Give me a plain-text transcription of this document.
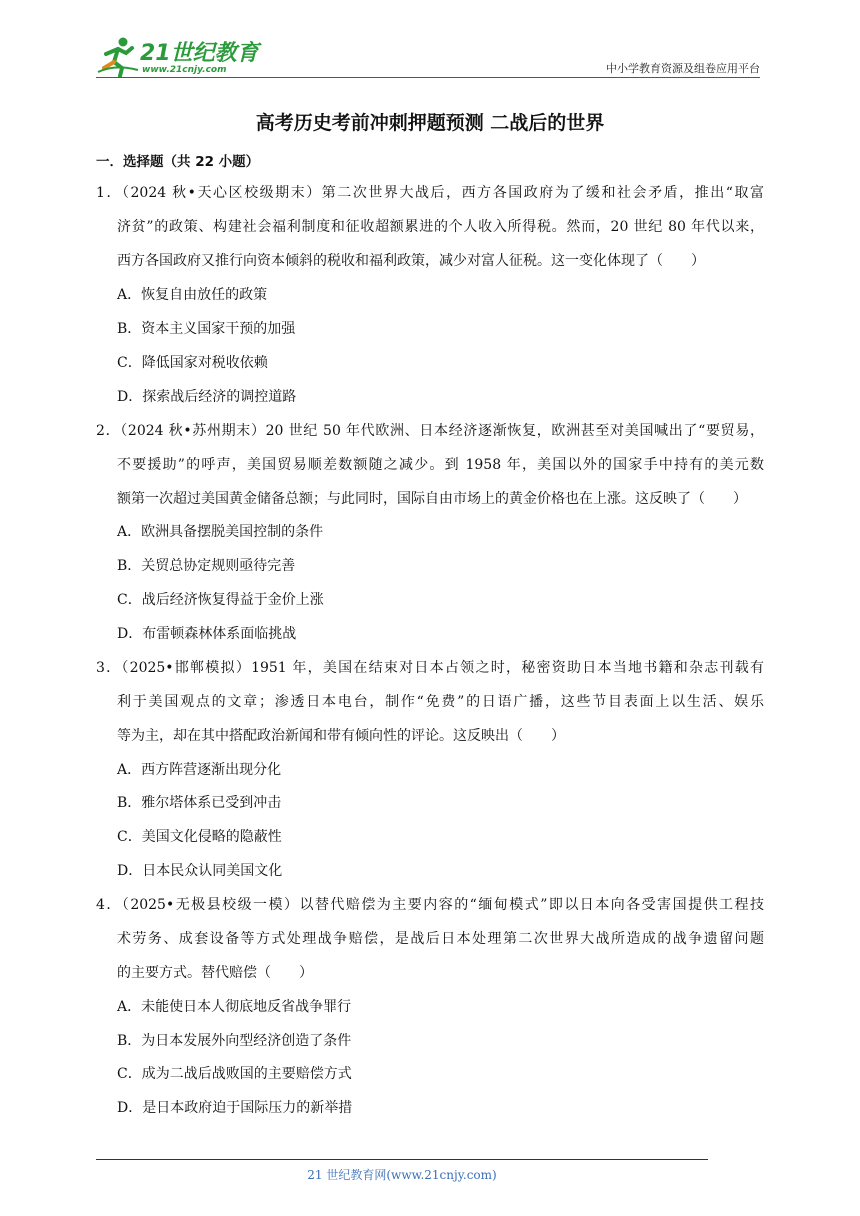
21世纪教育
www.21cnjy.com	中小学教育资源及组卷应用平台
高考历史考前冲刺押题预测 二战后的世界
一．选择题（共 22 小题）
1．（2024 秋•天心区校级期末）第二次世界大战后，西方各国政府为了缓和社会矛盾，推出“取富
济贫”的政策、构建社会福利制度和征收超额累进的个人收入所得税。然而，20 世纪 80 年代以来，
西方各国政府又推行向资本倾斜的税收和福利政策，减少对富人征税。这一变化体现了（　　）
A．恢复自由放任的政策
B．资本主义国家干预的加强
C．降低国家对税收依赖
D．探索战后经济的调控道路
2．（2024 秋•苏州期末）20 世纪 50 年代欧洲、日本经济逐渐恢复，欧洲甚至对美国喊出了“要贸易，
不要援助”的呼声，美国贸易顺差数额随之减少。到 1958 年，美国以外的国家手中持有的美元数
额第一次超过美国黄金储备总额；与此同时，国际自由市场上的黄金价格也在上涨。这反映了（　　）
A．欧洲具备摆脱美国控制的条件
B．关贸总协定规则亟待完善
C．战后经济恢复得益于金价上涨
D．布雷顿森林体系面临挑战
3．（2025•邯郸模拟）1951 年，美国在结束对日本占领之时，秘密资助日本当地书籍和杂志刊载有
利于美国观点的文章；渗透日本电台，制作“免费”的日语广播，这些节目表面上以生活、娱乐
等为主，却在其中搭配政治新闻和带有倾向性的评论。这反映出（　　）
A．西方阵营逐渐出现分化
B．雅尔塔体系已受到冲击
C．美国文化侵略的隐蔽性
D．日本民众认同美国文化
4．（2025•无极县校级一模）以替代赔偿为主要内容的“缅甸模式”即以日本向各受害国提供工程技
术劳务、成套设备等方式处理战争赔偿，是战后日本处理第二次世界大战所造成的战争遗留问题
的主要方式。替代赔偿（　　）
A．未能使日本人彻底地反省战争罪行
B．为日本发展外向型经济创造了条件
C．成为二战后战败国的主要赔偿方式
D．是日本政府迫于国际压力的新举措
21 世纪教育网(www.21cnjy.com)
